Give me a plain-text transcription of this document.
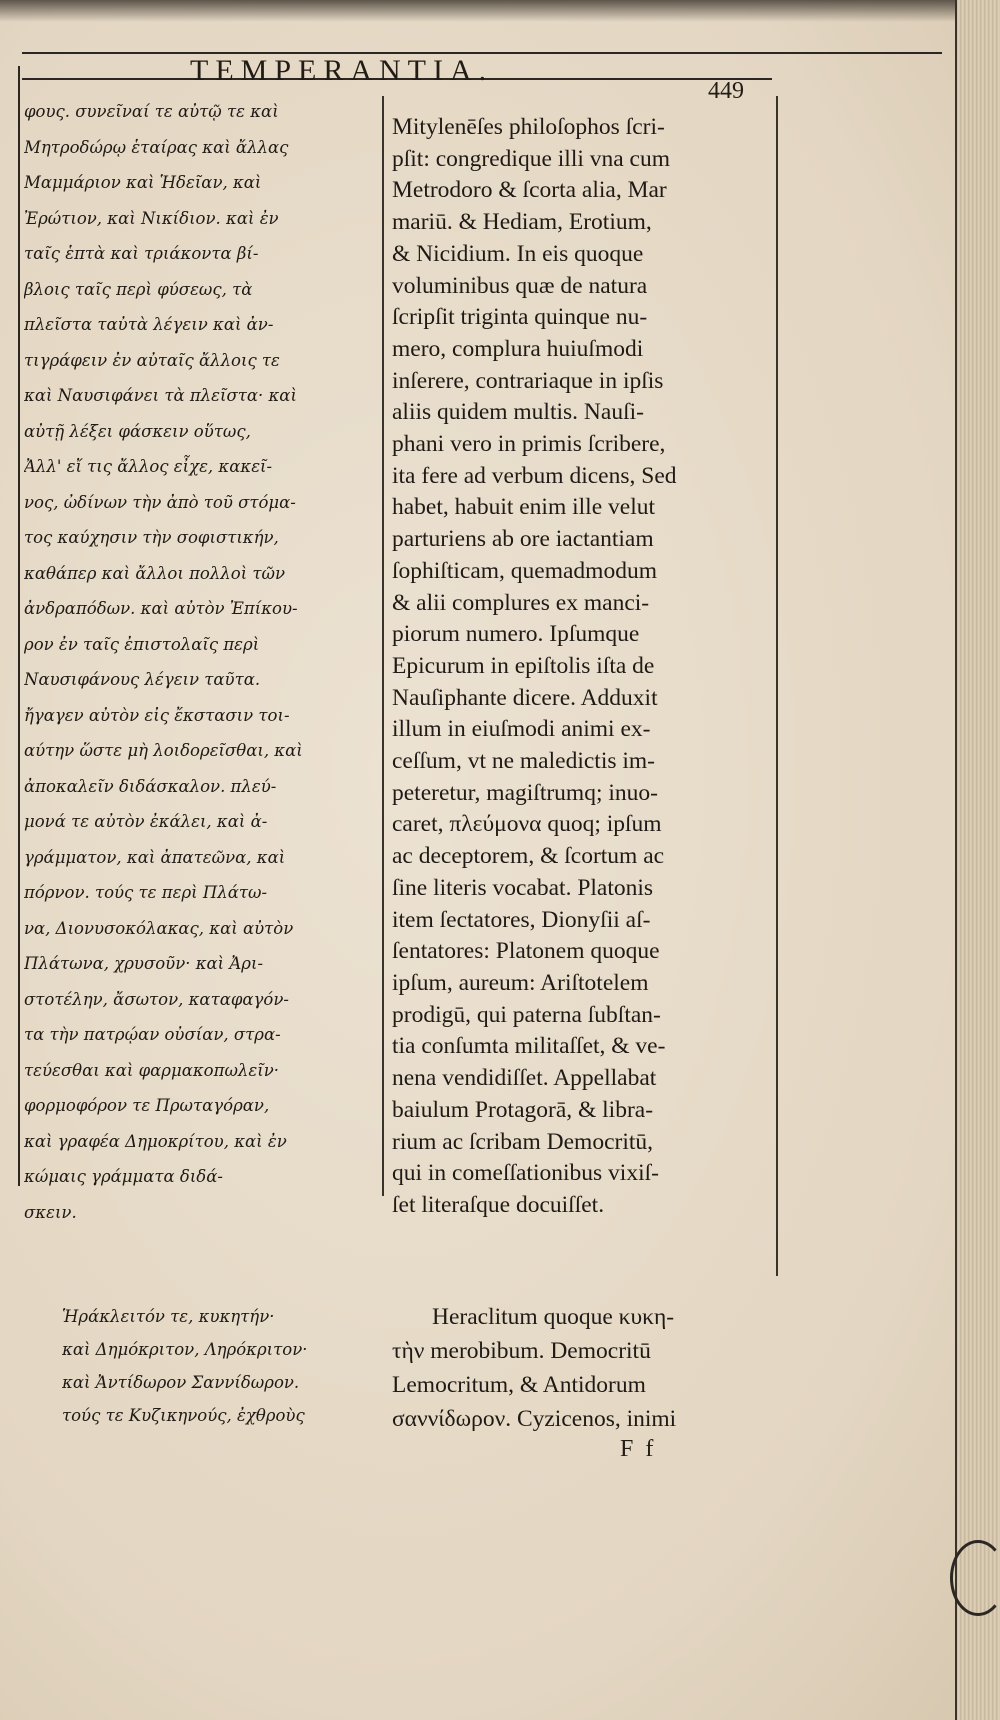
TEMPERANTIA.
449
φους. συνεῖναί τε αὐτῷ τε καὶ
Μητροδώρῳ ἑταίρας καὶ ἄλλας
Μαμμάριον καὶ Ἡδεῖαν, καὶ
Ἐρώτιον, καὶ Νικίδιον. καὶ ἐν
ταῖς ἑπτὰ καὶ τριάκοντα βί-
βλοις ταῖς περὶ φύσεως, τὰ
πλεῖστα ταὐτὰ λέγειν καὶ ἀν-
τιγράφειν ἐν αὐταῖς ἄλλοις τε
καὶ Ναυσιφάνει τὰ πλεῖστα· καὶ
αὐτῇ λέξει φάσκειν οὕτως,
Ἀλλ' εἴ τις ἄλλος εἶχε, κακεῖ-
νος, ὠδίνων τὴν ἀπὸ τοῦ στόμα-
τος καύχησιν τὴν σοφιστικήν,
καθάπερ καὶ ἄλλοι πολλοὶ τῶν
ἀνδραπόδων. καὶ αὐτὸν Ἐπίκου-
ρον ἐν ταῖς ἐπιστολαῖς περὶ
Ναυσιφάνους λέγειν ταῦτα.
ἤγαγεν αὐτὸν εἰς ἔκστασιν τοι-
αύτην ὥστε μὴ λοιδορεῖσθαι, καὶ
ἀποκαλεῖν διδάσκαλον. πλεύ-
μονά τε αὐτὸν ἐκάλει, καὶ ἀ-
γράμματον, καὶ ἀπατεῶνα, καὶ
πόρνον. τούς τε περὶ Πλάτω-
να, Διονυσοκόλακας, καὶ αὐτὸν
Πλάτωνα, χρυσοῦν· καὶ Ἀρι-
στοτέλην, ἄσωτον, καταφαγόν-
τα τὴν πατρῴαν οὐσίαν, στρα-
τεύεσθαι καὶ φαρμακοπωλεῖν·
φορμοφόρον τε Πρωταγόραν,
καὶ γραφέα Δημοκρίτου, καὶ ἐν
κώμαις γράμματα διδά-
σκειν.
Mitylenēſes philoſophos ſcri-
pſit: congredique illi vna cum
Metrodoro & ſcorta alia, Mar
mariū. & Hediam, Erotium,
& Nicidium. In eis quoque
voluminibus quæ de natura
ſcripſit triginta quinque nu-
mero, complura huiuſmodi
inſerere, contrariaque in ipſis
aliis quidem multis. Nauſi-
phani vero in primis ſcribere,
ita fere ad verbum dicens, Sed
habet, habuit enim ille velut
parturiens ab ore iactantiam
ſophiſticam, quemadmodum
& alii complures ex manci-
piorum numero. Ipſumque
Epicurum in epiſtolis iſta de
Nauſiphante dicere. Adduxit
illum in eiuſmodi animi ex-
ceſſum, vt ne maledictis im-
peteretur, magiſtrumq; inuo-
caret, πλεύμονα quoq; ipſum
ac deceptorem, & ſcortum ac
ſine literis vocabat. Platonis
item ſectatores, Dionyſii aſ-
ſentatores: Platonem quoque
ipſum, aureum: Ariſtotelem
prodigū, qui paterna ſubſtan-
tia conſumta militaſſet, & ve-
nena vendidiſſet. Appellabat
baiulum Protagorā, & libra-
rium ac ſcribam Democritū,
qui in comeſſationibus vixiſ-
ſet literaſque docuiſſet.
Ἡράκλειτόν τε, κυκητήν·
καὶ Δημόκριτον, Ληρόκριτον·
καὶ Ἀντίδωρον Σαννίδωρον.
τούς τε Κυζικηνούς, ἐχθροὺς
Heraclitum quoque κυκη-
τὴν merobibum. Democritū
Lemocritum, & Antidorum
σαννίδωρον. Cyzicenos, inimi
F f
